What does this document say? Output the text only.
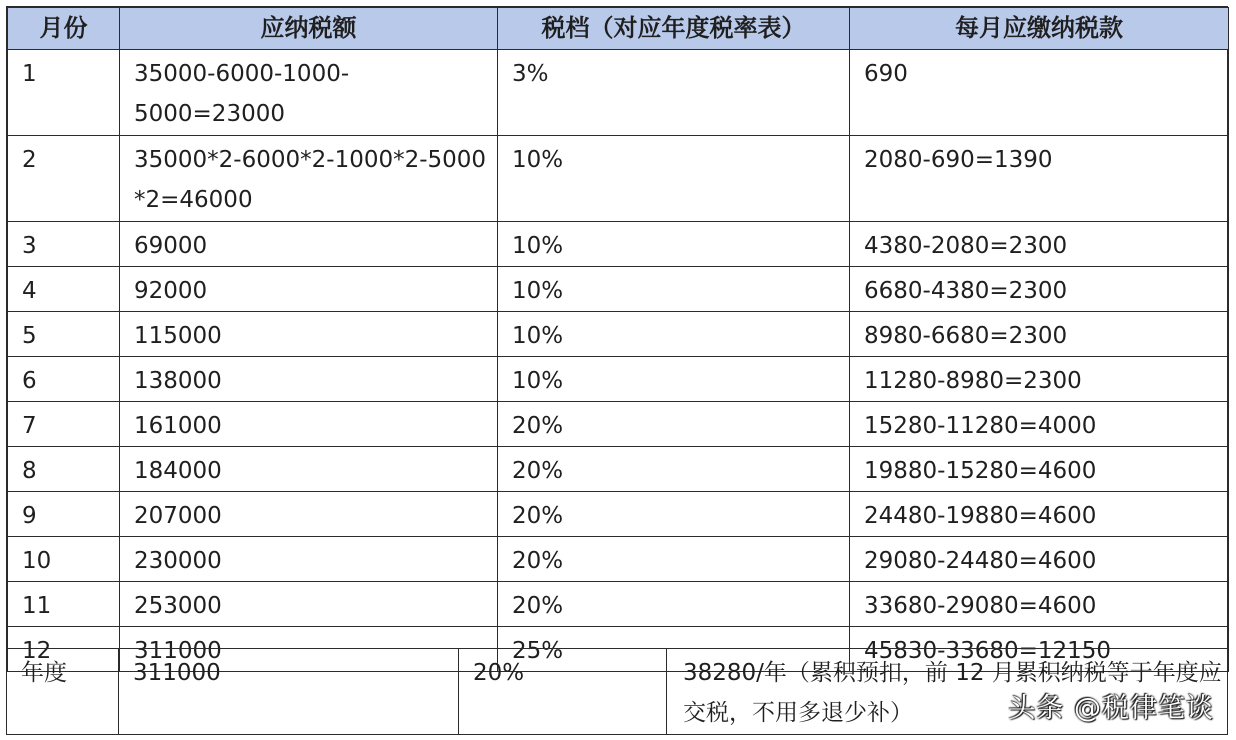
月份	应纳税额	税档（对应年度税率表）	每月应缴纳税款
1	35000-6000-1000-5000=23000	3%	690
2	35000*2-6000*2-1000*2-5000*2=46000	10%	2080-690=1390
3	69000	10%	4380-2080=2300
4	92000	10%	6680-4380=2300
5	115000	10%	8980-6680=2300
6	138000	10%	11280-8980=2300
7	161000	20%	15280-11280=4000
8	184000	20%	19880-15280=4600
9	207000	20%	24480-19880=4600
10	230000	20%	29080-24480=4600
11	253000	20%	33680-29080=4600
12	311000	25%	45830-33680=12150
年度	311000	20%	38280/年（累积预扣，前 12 月累积纳税等于年度应交税，不用多退少补）	头条 @税律笔谈
